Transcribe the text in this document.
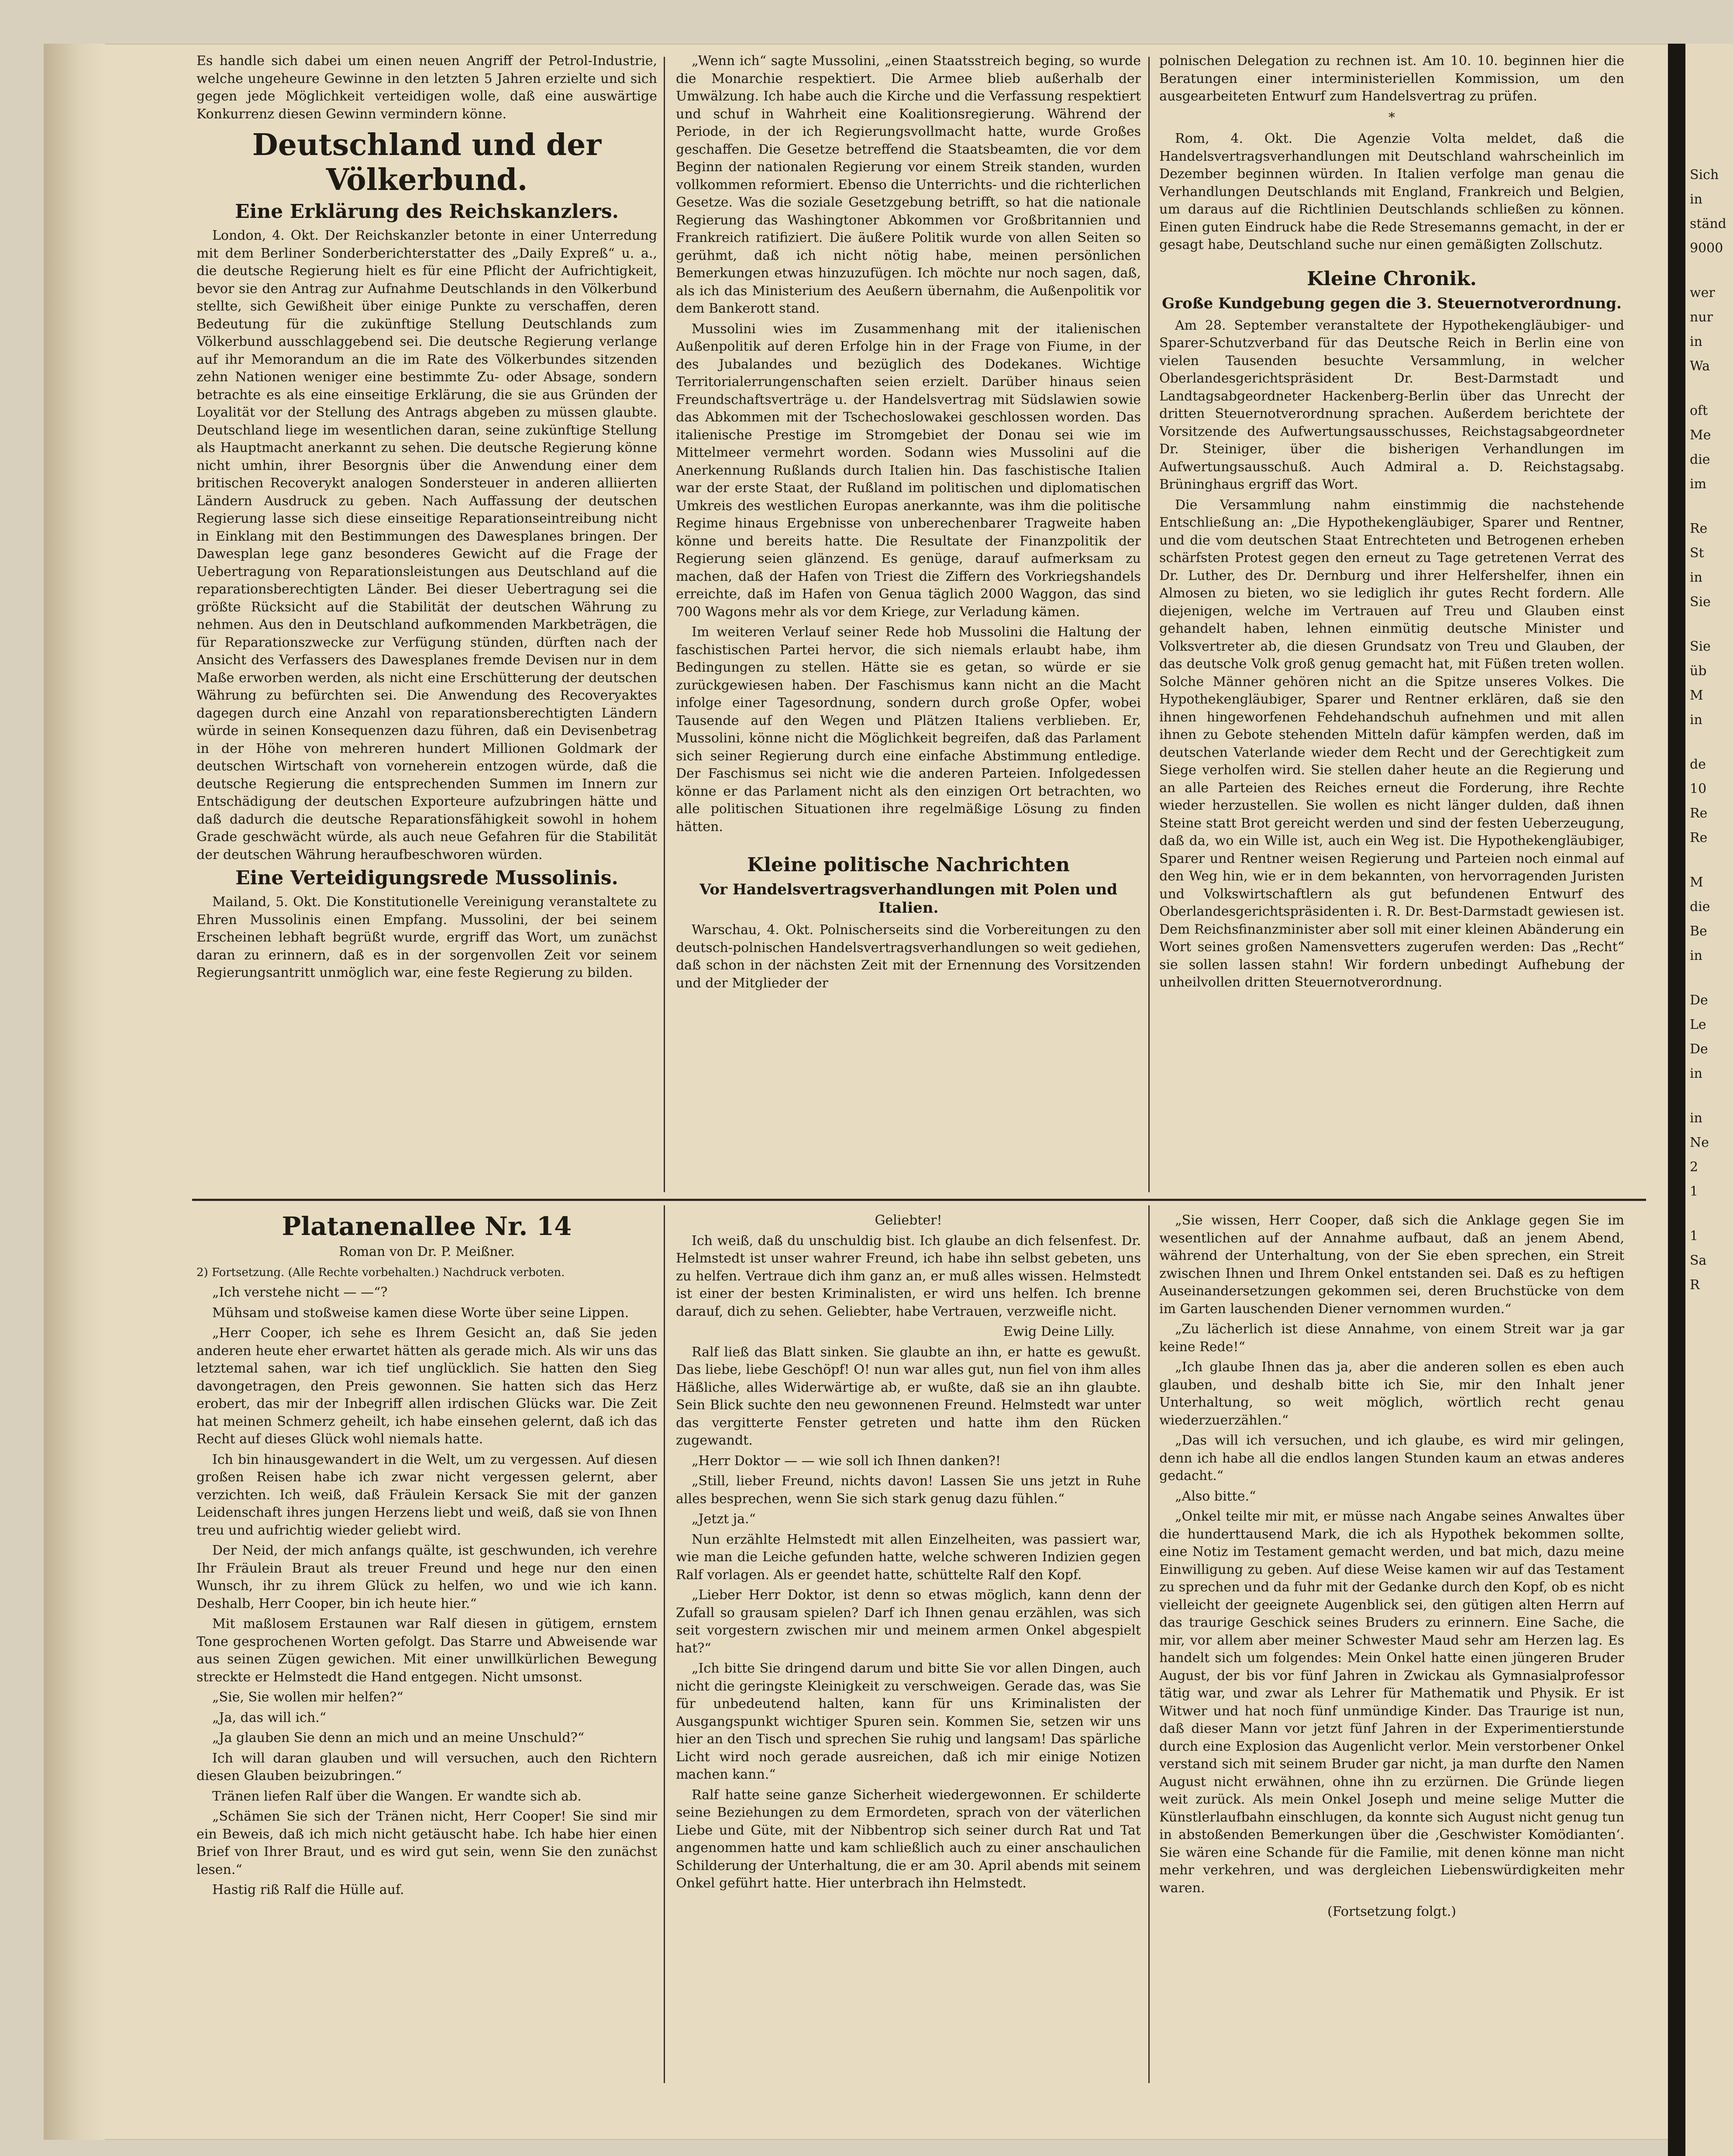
Es handle sich dabei um einen neuen Angriff der Petrol-Industrie, welche ungeheure Gewinne in den letzten 5 Jahren erzielte und sich gegen jede Möglichkeit verteidigen wolle, daß eine auswärtige Konkurrenz diesen Gewinn vermindern könne.

Deutschland und der Völkerbund.
Eine Erklärung des Reichskanzlers.

London, 4. Okt. Der Reichskanzler betonte in einer Unterredung mit dem Berliner Sonderberichterstatter des „Daily Expreß“ u. a., die deutsche Regierung hielt es für eine Pflicht der Aufrichtigkeit, bevor sie den Antrag zur Aufnahme Deutschlands in den Völkerbund stellte, sich Gewißheit über einige Punkte zu verschaffen, deren Bedeutung für die zukünftige Stellung Deutschlands zum Völkerbund ausschlaggebend sei. Die deutsche Regierung verlange auf ihr Memorandum an die im Rate des Völkerbundes sitzenden zehn Nationen weniger eine bestimmte Zu- oder Absage, sondern betrachte es als eine einseitige Erklärung, die sie aus Gründen der Loyalität vor der Stellung des Antrags abgeben zu müssen glaubte. Deutschland liege im wesentlichen daran, seine zukünftige Stellung als Hauptmacht anerkannt zu sehen. Die deutsche Regierung könne nicht umhin, ihrer Besorgnis über die Anwendung einer dem britischen Recoverykt analogen Sondersteuer in anderen alliierten Ländern Ausdruck zu geben. Nach Auffassung der deutschen Regierung lasse sich diese einseitige Reparationseintreibung nicht in Einklang mit den Bestimmungen des Dawesplanes bringen. Der Dawesplan lege ganz besonderes Gewicht auf die Frage der Uebertragung von Reparationsleistungen aus Deutschland auf die reparationsberechtigten Länder. Bei dieser Uebertragung sei die größte Rücksicht auf die Stabilität der deutschen Währung zu nehmen. Aus den in Deutschland aufkommenden Markbeträgen, die für Reparationszwecke zur Verfügung stünden, dürften nach der Ansicht des Verfassers des Dawesplanes fremde Devisen nur in dem Maße erworben werden, als nicht eine Erschütterung der deutschen Währung zu befürchten sei. Die Anwendung des Recoveryaktes dagegen durch eine Anzahl von reparationsberechtigten Ländern würde in seinen Konsequenzen dazu führen, daß ein Devisenbetrag in der Höhe von mehreren hundert Millionen Goldmark der deutschen Wirtschaft von vorneherein entzogen würde, daß die deutsche Regierung die entsprechenden Summen im Innern zur Entschädigung der deutschen Exporteure aufzubringen hätte und daß dadurch die deutsche Reparationsfähigkeit sowohl in hohem Grade geschwächt würde, als auch neue Gefahren für die Stabilität der deutschen Währung heraufbeschworen würden.

Eine Verteidigungsrede Mussolinis.

Mailand, 5. Okt. Die Konstitutionelle Vereinigung veranstaltete zu Ehren Mussolinis einen Empfang. Mussolini, der bei seinem Erscheinen lebhaft begrüßt wurde, ergriff das Wort, um zunächst daran zu erinnern, daß es in der sorgenvollen Zeit vor seinem Regierungsantritt unmöglich war, eine feste Regierung zu bilden.

„Wenn ich“ sagte Mussolini, „einen Staatsstreich beging, so wurde die Monarchie respektiert. Die Armee blieb außerhalb der Umwälzung. Ich habe auch die Kirche und die Verfassung respektiert und schuf in Wahrheit eine Koalitionsregierung. Während der Periode, in der ich Regierungsvollmacht hatte, wurde Großes geschaffen. Die Gesetze betreffend die Staatsbeamten, die vor dem Beginn der nationalen Regierung vor einem Streik standen, wurden vollkommen reformiert. Ebenso die Unterrichts- und die richterlichen Gesetze. Was die soziale Gesetzgebung betrifft, so hat die nationale Regierung das Washingtoner Abkommen vor Großbritannien und Frankreich ratifiziert. Die äußere Politik wurde von allen Seiten so gerühmt, daß ich nicht nötig habe, meinen persönlichen Bemerkungen etwas hinzuzufügen. Ich möchte nur noch sagen, daß, als ich das Ministerium des Aeußern übernahm, die Außenpolitik vor dem Bankerott stand.

Mussolini wies im Zusammenhang mit der italienischen Außenpolitik auf deren Erfolge hin in der Frage von Fiume, in der des Jubalandes und bezüglich des Dodekanes. Wichtige Territorialerrungenschaften seien erzielt. Darüber hinaus seien Freundschaftsverträge u. der Handelsvertrag mit Südslawien sowie das Abkommen mit der Tschechoslowakei geschlossen worden. Das italienische Prestige im Stromgebiet der Donau sei wie im Mittelmeer vermehrt worden. Sodann wies Mussolini auf die Anerkennung Rußlands durch Italien hin. Das faschistische Italien war der erste Staat, der Rußland im politischen und diplomatischen Umkreis des westlichen Europas anerkannte, was ihm die politische Regime hinaus Ergebnisse von unberechenbarer Tragweite haben könne und bereits hatte. Die Resultate der Finanzpolitik der Regierung seien glänzend. Es genüge, darauf aufmerksam zu machen, daß der Hafen von Triest die Ziffern des Vorkriegshandels erreichte, daß im Hafen von Genua täglich 2000 Waggon, das sind 700 Wagons mehr als vor dem Kriege, zur Verladung kämen.

Im weiteren Verlauf seiner Rede hob Mussolini die Haltung der faschistischen Partei hervor, die sich niemals erlaubt habe, ihm Bedingungen zu stellen. Hätte sie es getan, so würde er sie zurückgewiesen haben. Der Faschismus kann nicht an die Macht infolge einer Tagesordnung, sondern durch große Opfer, wobei Tausende auf den Wegen und Plätzen Italiens verblieben. Er, Mussolini, könne nicht die Möglichkeit begreifen, daß das Parlament sich seiner Regierung durch eine einfache Abstimmung entledige. Der Faschismus sei nicht wie die anderen Parteien. Infolgedessen könne er das Parlament nicht als den einzigen Ort betrachten, wo alle politischen Situationen ihre regelmäßige Lösung zu finden hätten.

Kleine politische Nachrichten
Vor Handelsvertragsverhandlungen mit Polen und Italien.

Warschau, 4. Okt. Polnischerseits sind die Vorbereitungen zu den deutsch-polnischen Handelsvertragsverhandlungen so weit gediehen, daß schon in der nächsten Zeit mit der Ernennung des Vorsitzenden und der Mitglieder der

polnischen Delegation zu rechnen ist. Am 10. 10. beginnen hier die Beratungen einer interministeriellen Kommission, um den ausgearbeiteten Entwurf zum Handelsvertrag zu prüfen.

*

Rom, 4. Okt. Die Agenzie Volta meldet, daß die Handelsvertragsverhandlungen mit Deutschland wahrscheinlich im Dezember beginnen würden. In Italien verfolge man genau die Verhandlungen Deutschlands mit England, Frankreich und Belgien, um daraus auf die Richtlinien Deutschlands schließen zu können. Einen guten Eindruck habe die Rede Stresemanns gemacht, in der er gesagt habe, Deutschland suche nur einen gemäßigten Zollschutz.

Kleine Chronik.
Große Kundgebung gegen die 3. Steuernotverordnung.

Am 28. September veranstaltete der Hypothekengläubiger- und Sparer-Schutzverband für das Deutsche Reich in Berlin eine von vielen Tausenden besuchte Versammlung, in welcher Oberlandesgerichtspräsident Dr. Best-Darmstadt und Landtagsabgeordneter Hackenberg-Berlin über das Unrecht der dritten Steuernotverordnung sprachen. Außerdem berichtete der Vorsitzende des Aufwertungsausschusses, Reichstagsabgeordneter Dr. Steiniger, über die bisherigen Verhandlungen im Aufwertungsausschuß. Auch Admiral a. D. Reichstagsabg. Brüninghaus ergriff das Wort.

Die Versammlung nahm einstimmig die nachstehende Entschließung an: „Die Hypothekengläubiger, Sparer und Rentner, und die vom deutschen Staat Entrechteten und Betrogenen erheben schärfsten Protest gegen den erneut zu Tage getretenen Verrat des Dr. Luther, des Dr. Dernburg und ihrer Helfershelfer, ihnen ein Almosen zu bieten, wo sie lediglich ihr gutes Recht fordern. Alle diejenigen, welche im Vertrauen auf Treu und Glauben einst gehandelt haben, lehnen einmütig deutsche Minister und Volksvertreter ab, die diesen Grundsatz von Treu und Glauben, der das deutsche Volk groß genug gemacht hat, mit Füßen treten wollen. Solche Männer gehören nicht an die Spitze unseres Volkes. Die Hypothekengläubiger, Sparer und Rentner erklären, daß sie den ihnen hingeworfenen Fehdehandschuh aufnehmen und mit allen ihnen zu Gebote stehenden Mitteln dafür kämpfen werden, daß im deutschen Vaterlande wieder dem Recht und der Gerechtigkeit zum Siege verholfen wird. Sie stellen daher heute an die Regierung und an alle Parteien des Reiches erneut die Forderung, ihre Rechte wieder herzustellen. Sie wollen es nicht länger dulden, daß ihnen Steine statt Brot gereicht werden und sind der festen Ueberzeugung, daß da, wo ein Wille ist, auch ein Weg ist. Die Hypothekengläubiger, Sparer und Rentner weisen Regierung und Parteien noch einmal auf den Weg hin, wie er in dem bekannten, von hervorragenden Juristen und Volkswirtschaftlern als gut befundenen Entwurf des Oberlandesgerichtspräsidenten i. R. Dr. Best-Darmstadt gewiesen ist. Dem Reichsfinanzminister aber soll mit einer kleinen Abänderung ein Wort seines großen Namensvetters zugerufen werden: Das „Recht“ sie sollen lassen stahn! Wir fordern unbedingt Aufhebung der unheilvollen dritten Steuernotverordnung.

Platanenallee Nr. 14
Roman von Dr. P. Meißner.

2) Fortsetzung. (Alle Rechte vorbehalten.) Nachdruck verboten.

„Ich verstehe nicht — —“?

Mühsam und stoßweise kamen diese Worte über seine Lippen.

„Herr Cooper, ich sehe es Ihrem Gesicht an, daß Sie jeden anderen heute eher erwartet hätten als gerade mich. Als wir uns das letztemal sahen, war ich tief unglücklich. Sie hatten den Sieg davongetragen, den Preis gewonnen. Sie hatten sich das Herz erobert, das mir der Inbegriff allen irdischen Glücks war. Die Zeit hat meinen Schmerz geheilt, ich habe einsehen gelernt, daß ich das Recht auf dieses Glück wohl niemals hatte.

Ich bin hinausgewandert in die Welt, um zu vergessen. Auf diesen großen Reisen habe ich zwar nicht vergessen gelernt, aber verzichten. Ich weiß, daß Fräulein Kersack Sie mit der ganzen Leidenschaft ihres jungen Herzens liebt und weiß, daß sie von Ihnen treu und aufrichtig wieder geliebt wird.

Der Neid, der mich anfangs quälte, ist geschwunden, ich verehre Ihr Fräulein Braut als treuer Freund und hege nur den einen Wunsch, ihr zu ihrem Glück zu helfen, wo und wie ich kann. Deshalb, Herr Cooper, bin ich heute hier.“

Mit maßlosem Erstaunen war Ralf diesen in gütigem, ernstem Tone gesprochenen Worten gefolgt. Das Starre und Abweisende war aus seinen Zügen gewichen. Mit einer unwillkürlichen Bewegung streckte er Helmstedt die Hand entgegen. Nicht umsonst.

„Sie, Sie wollen mir helfen?“

„Ja, das will ich.“

„Ja glauben Sie denn an mich und an meine Unschuld?“

Ich will daran glauben und will versuchen, auch den Richtern diesen Glauben beizubringen.“

Tränen liefen Ralf über die Wangen. Er wandte sich ab.

„Schämen Sie sich der Tränen nicht, Herr Cooper! Sie sind mir ein Beweis, daß ich mich nicht getäuscht habe. Ich habe hier einen Brief von Ihrer Braut, und es wird gut sein, wenn Sie den zunächst lesen.“

Hastig riß Ralf die Hülle auf.

Geliebter!

Ich weiß, daß du unschuldig bist. Ich glaube an dich felsenfest. Dr. Helmstedt ist unser wahrer Freund, ich habe ihn selbst gebeten, uns zu helfen. Vertraue dich ihm ganz an, er muß alles wissen. Helmstedt ist einer der besten Kriminalisten, er wird uns helfen. Ich brenne darauf, dich zu sehen. Geliebter, habe Vertrauen, verzweifle nicht.

Ewig Deine Lilly.

Ralf ließ das Blatt sinken. Sie glaubte an ihn, er hatte es gewußt. Das liebe, liebe Geschöpf! O! nun war alles gut, nun fiel von ihm alles Häßliche, alles Widerwärtige ab, er wußte, daß sie an ihn glaubte. Sein Blick suchte den neu gewonnenen Freund. Helmstedt war unter das vergitterte Fenster getreten und hatte ihm den Rücken zugewandt.

„Herr Doktor — — wie soll ich Ihnen danken?!

„Still, lieber Freund, nichts davon! Lassen Sie uns jetzt in Ruhe alles besprechen, wenn Sie sich stark genug dazu fühlen.“

„Jetzt ja.“

Nun erzählte Helmstedt mit allen Einzelheiten, was passiert war, wie man die Leiche gefunden hatte, welche schweren Indizien gegen Ralf vorlagen. Als er geendet hatte, schüttelte Ralf den Kopf.

„Lieber Herr Doktor, ist denn so etwas möglich, kann denn der Zufall so grausam spielen? Darf ich Ihnen genau erzählen, was sich seit vorgestern zwischen mir und meinem armen Onkel abgespielt hat?“

„Ich bitte Sie dringend darum und bitte Sie vor allen Dingen, auch nicht die geringste Kleinigkeit zu verschweigen. Gerade das, was Sie für unbedeutend halten, kann für uns Kriminalisten der Ausgangspunkt wichtiger Spuren sein. Kommen Sie, setzen wir uns hier an den Tisch und sprechen Sie ruhig und langsam! Das spärliche Licht wird noch gerade ausreichen, daß ich mir einige Notizen machen kann.“

Ralf hatte seine ganze Sicherheit wiedergewonnen. Er schilderte seine Beziehungen zu dem Ermordeten, sprach von der väterlichen Liebe und Güte, mit der Nibbentrop sich seiner durch Rat und Tat angenommen hatte und kam schließlich auch zu einer anschaulichen Schilderung der Unterhaltung, die er am 30. April abends mit seinem Onkel geführt hatte. Hier unterbrach ihn Helmstedt.

„Sie wissen, Herr Cooper, daß sich die Anklage gegen Sie im wesentlichen auf der Annahme aufbaut, daß an jenem Abend, während der Unterhaltung, von der Sie eben sprechen, ein Streit zwischen Ihnen und Ihrem Onkel entstanden sei. Daß es zu heftigen Auseinandersetzungen gekommen sei, deren Bruchstücke von dem im Garten lauschenden Diener vernommen wurden.“

„Zu lächerlich ist diese Annahme, von einem Streit war ja gar keine Rede!“

„Ich glaube Ihnen das ja, aber die anderen sollen es eben auch glauben, und deshalb bitte ich Sie, mir den Inhalt jener Unterhaltung, so weit möglich, wörtlich recht genau wiederzuerzählen.“

„Das will ich versuchen, und ich glaube, es wird mir gelingen, denn ich habe all die endlos langen Stunden kaum an etwas anderes gedacht.“

„Also bitte.“

„Onkel teilte mir mit, er müsse nach Angabe seines Anwaltes über die hunderttausend Mark, die ich als Hypothek bekommen sollte, eine Notiz im Testament gemacht werden, und bat mich, dazu meine Einwilligung zu geben. Auf diese Weise kamen wir auf das Testament zu sprechen und da fuhr mit der Gedanke durch den Kopf, ob es nicht vielleicht der geeignete Augenblick sei, den gütigen alten Herrn auf das traurige Geschick seines Bruders zu erinnern. Eine Sache, die mir, vor allem aber meiner Schwester Maud sehr am Herzen lag. Es handelt sich um folgendes: Mein Onkel hatte einen jüngeren Bruder August, der bis vor fünf Jahren in Zwickau als Gymnasialprofessor tätig war, und zwar als Lehrer für Mathematik und Physik. Er ist Witwer und hat noch fünf unmündige Kinder. Das Traurige ist nun, daß dieser Mann vor jetzt fünf Jahren in der Experimentierstunde durch eine Explosion das Augenlicht verlor. Mein verstorbener Onkel verstand sich mit seinem Bruder gar nicht, ja man durfte den Namen August nicht erwähnen, ohne ihn zu erzürnen. Die Gründe liegen weit zurück. Als mein Onkel Joseph und meine selige Mutter die Künstlerlaufbahn einschlugen, da konnte sich August nicht genug tun in abstoßenden Bemerkungen über die ‚Geschwister Komödianten‘. Sie wären eine Schande für die Familie, mit denen könne man nicht mehr verkehren, und was dergleichen Liebenswürdigkeiten mehr waren.

(Fortsetzung folgt.)

Sich
in
ständ
9000
wer
nur
in
Wa
oft
Me
die
im
Re
St
in
Sie
Sie
üb
M
in
de
10
Re
Re
M
die
Be
in
De
Le
De
in
in
Ne
2
1
1
Sa
R
